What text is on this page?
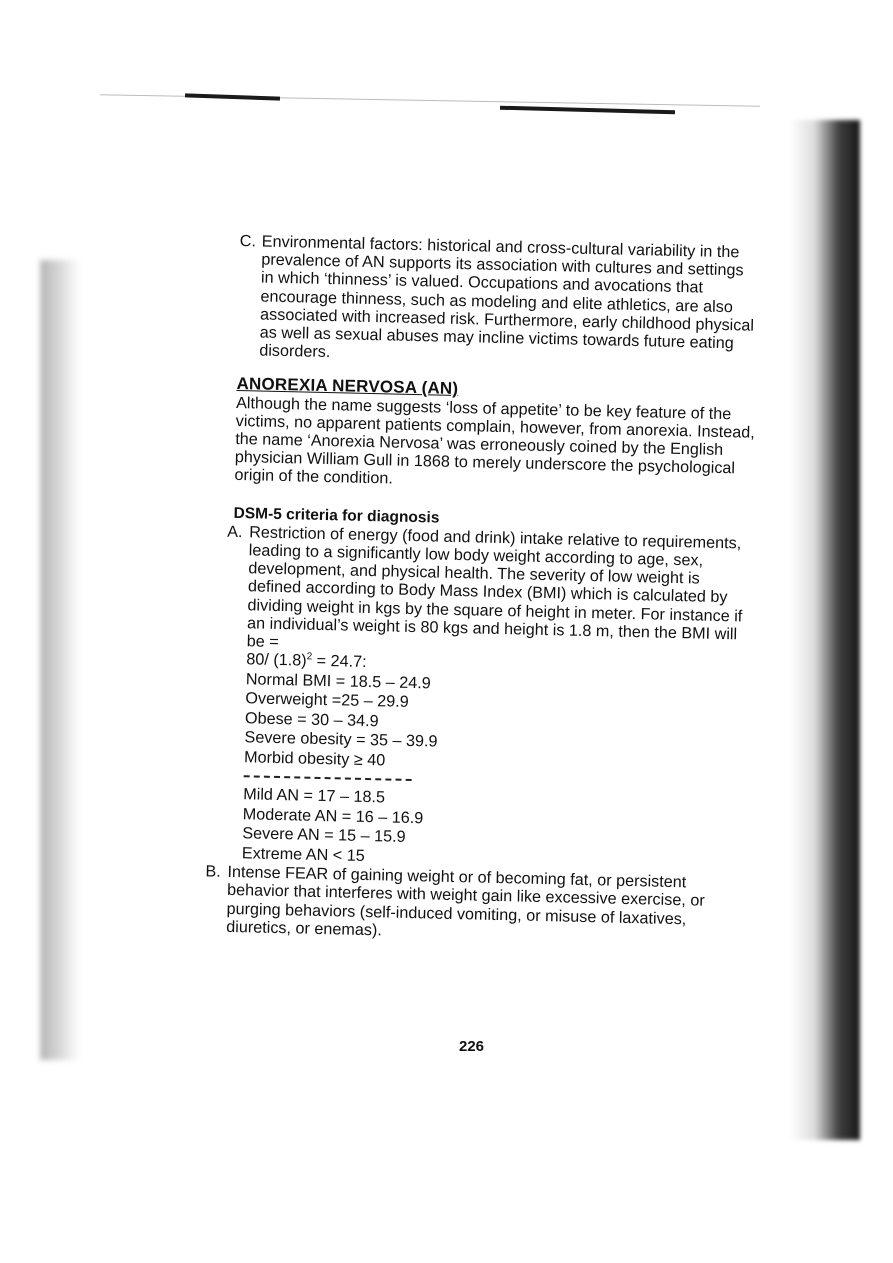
C. Environmental factors: historical and cross-cultural variability in the prevalence of AN supports its association with cultures and settings in which ‘thinness’ is valued. Occupations and avocations that encourage thinness, such as modeling and elite athletics, are also associated with increased risk. Furthermore, early childhood physical as well as sexual abuses may incline victims towards future eating disorders.
ANOREXIA NERVOSA (AN)

Although the name suggests ‘loss of appetite’ to be key feature of the victims, no apparent patients complain, however, from anorexia. Instead, the name ‘Anorexia Nervosa’ was erroneously coined by the English physician William Gull in 1868 to merely underscore the psychological origin of the condition.

DSM-5 criteria for diagnosis
A. Restriction of energy (food and drink) intake relative to requirements, leading to a significantly low body weight according to age, sex, development, and physical health. The severity of low weight is defined according to Body Mass Index (BMI) which is calculated by dividing weight in kgs by the square of height in meter. For instance if an individual’s weight is 80 kgs and height is 1.8 m, then the BMI will be =
80/ $(1.8)^2 = 24.7$:
Normal BMI = 18.5 – 24.9
Overweight =25 – 29.9
Obese = 30 – 34.9
Severe obesity = 35 – 39.9
Morbid obesity ≥ 40
Mild AN = 17 – 18.5
Moderate AN = 16 – 16.9
Severe AN = 15 – 15.9
Extreme AN < 15
B. Intense FEAR of gaining weight or of becoming fat, or persistent behavior that interferes with weight gain like excessive exercise, or purging behaviors (self-induced vomiting, or misuse of laxatives, diuretics, or enemas).
226
